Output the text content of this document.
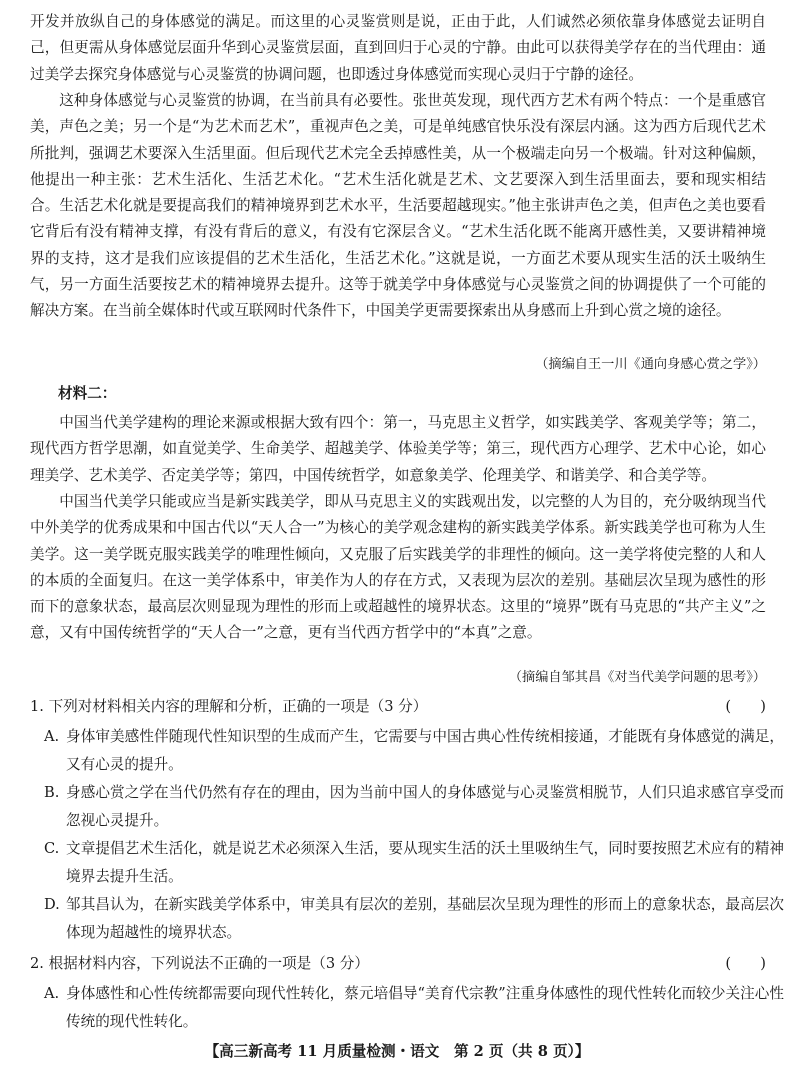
开发并放纵自己的身体感觉的满足。而这里的心灵鉴赏则是说，正由于此，人们诚然必须依靠身体感觉去证明自己，但更需从身体感觉层面升华到心灵鉴赏层面，直到回归于心灵的宁静。由此可以获得美学存在的当代理由：通过美学去探究身体感觉与心灵鉴赏的协调问题，也即透过身体感觉而实现心灵归于宁静的途径。

这种身体感觉与心灵鉴赏的协调，在当前具有必要性。张世英发现，现代西方艺术有两个特点：一个是重感官美，声色之美；另一个是“为艺术而艺术”，重视声色之美，可是单纯感官快乐没有深层内涵。这为西方后现代艺术所批判，强调艺术要深入生活里面。但后现代艺术完全丢掉感性美，从一个极端走向另一个极端。针对这种偏颇，他提出一种主张：艺术生活化、生活艺术化。“艺术生活化就是艺术、文艺要深入到生活里面去，要和现实相结合。生活艺术化就是要提高我们的精神境界到艺术水平，生活要超越现实。”他主张讲声色之美，但声色之美也要看它背后有没有精神支撑，有没有背后的意义，有没有它深层含义。“艺术生活化既不能离开感性美，又要讲精神境界的支持，这才是我们应该提倡的艺术生活化，生活艺术化。”这就是说，一方面艺术要从现实生活的沃土吸纳生气，另一方面生活要按艺术的精神境界去提升。这等于就美学中身体感觉与心灵鉴赏之间的协调提供了一个可能的解决方案。在当前全媒体时代或互联网时代条件下，中国美学更需要探索出从身感而上升到心赏之境的途径。

（摘编自王一川《通向身感心赏之学》）

材料二：

中国当代美学建构的理论来源或根据大致有四个：第一，马克思主义哲学，如实践美学、客观美学等；第二，现代西方哲学思潮，如直觉美学、生命美学、超越美学、体验美学等；第三，现代西方心理学、艺术中心论，如心理美学、艺术美学、否定美学等；第四，中国传统哲学，如意象美学、伦理美学、和谐美学、和合美学等。

中国当代美学只能或应当是新实践美学，即从马克思主义的实践观出发，以完整的人为目的，充分吸纳现当代中外美学的优秀成果和中国古代以“天人合一”为核心的美学观念建构的新实践美学体系。新实践美学也可称为人生美学。这一美学既克服实践美学的唯理性倾向，又克服了后实践美学的非理性的倾向。这一美学将使完整的人和人的本质的全面复归。在这一美学体系中，审美作为人的存在方式，又表现为层次的差别。基础层次呈现为感性的形而下的意象状态，最高层次则显现为理性的形而上或超越性的境界状态。这里的“境界”既有马克思的“共产主义”之意，又有中国传统哲学的“天人合一”之意，更有当代西方哲学中的“本真”之意。

（摘编自邹其昌《对当代美学问题的思考》）

1. 下列对材料相关内容的理解和分析，正确的一项是（3 分）	(　　)
A. 身体审美感性伴随现代性知识型的生成而产生，它需要与中国古典心性传统相接通，才能既有身体感觉的满足，又有心灵的提升。
B. 身感心赏之学在当代仍然有存在的理由，因为当前中国人的身体感觉与心灵鉴赏相脱节，人们只追求感官享受而忽视心灵提升。
C. 文章提倡艺术生活化，就是说艺术必须深入生活，要从现实生活的沃土里吸纳生气，同时要按照艺术应有的精神境界去提升生活。
D. 邹其昌认为，在新实践美学体系中，审美具有层次的差别，基础层次呈现为理性的形而上的意象状态，最高层次体现为超越性的境界状态。
2. 根据材料内容，下列说法不正确的一项是（3 分）	(　　)
A. 身体感性和心性传统都需要向现代性转化，蔡元培倡导“美育代宗教”注重身体感性的现代性转化而较少关注心性传统的现代性转化。
【高三新高考 11 月质量检测・语文　第 2 页（共 8 页）】
